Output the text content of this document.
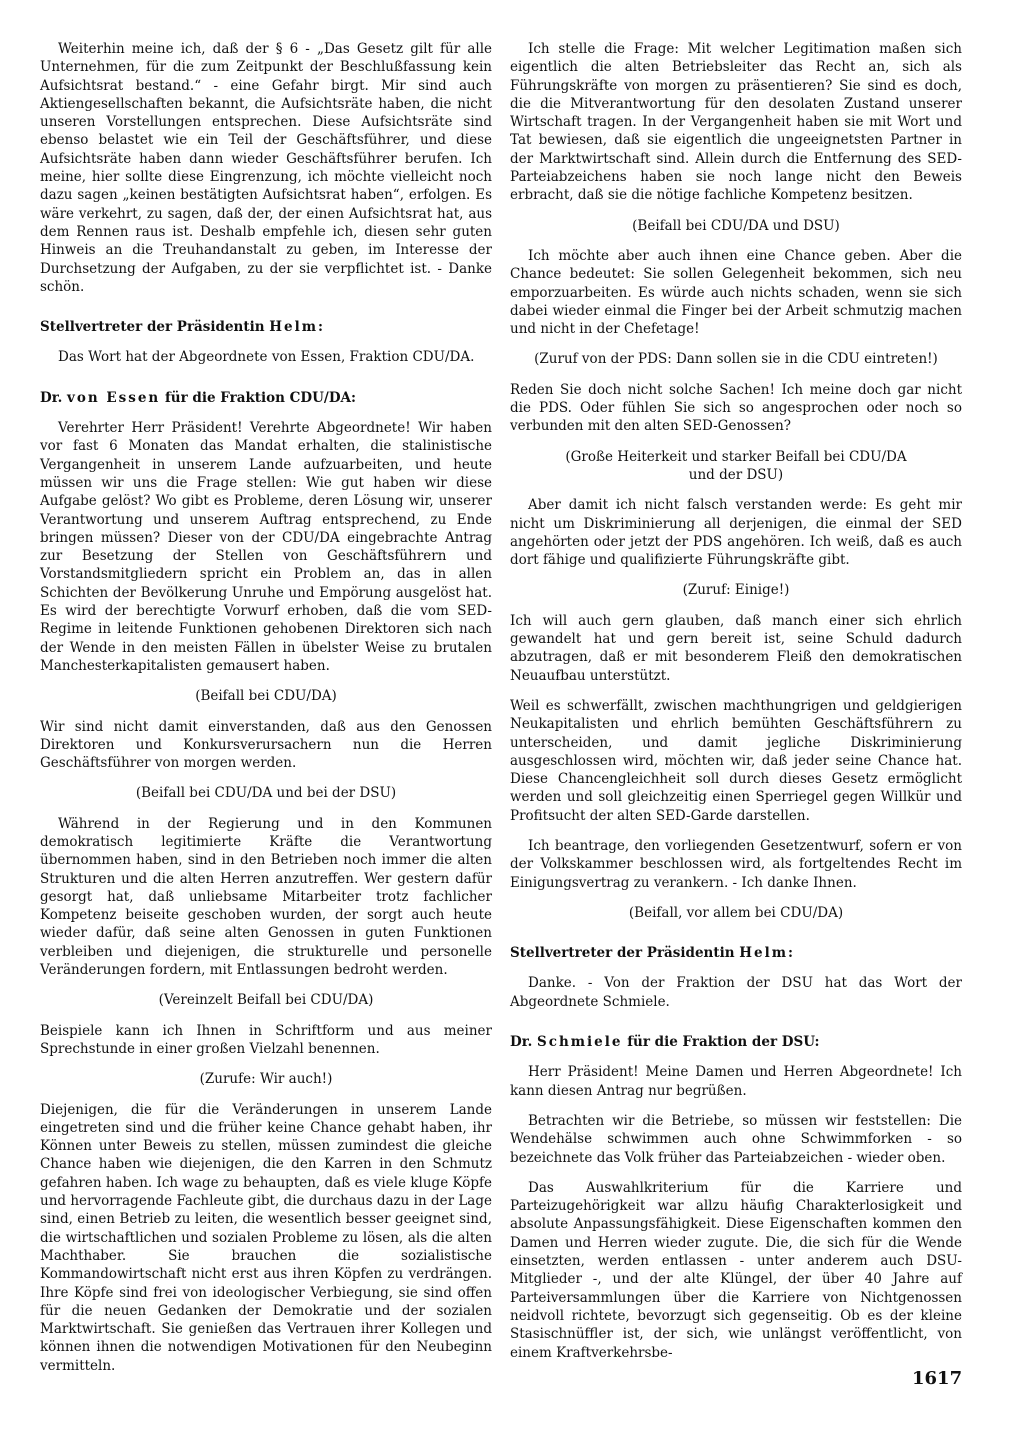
Weiterhin meine ich, daß der § 6 - „Das Gesetz gilt für alle Unternehmen, für die zum Zeitpunkt der Beschlußfassung kein Aufsichtsrat bestand.“ - eine Gefahr birgt. Mir sind auch Aktiengesellschaften bekannt, die Aufsichtsräte haben, die nicht unseren Vorstellungen entsprechen. Diese Aufsichtsräte sind ebenso belastet wie ein Teil der Geschäftsführer, und diese Aufsichtsräte haben dann wieder Geschäftsführer berufen. Ich meine, hier sollte diese Eingrenzung, ich möchte vielleicht noch dazu sagen „keinen bestätigten Aufsichtsrat haben“, erfolgen. Es wäre verkehrt, zu sagen, daß der, der einen Aufsichtsrat hat, aus dem Rennen raus ist. Deshalb empfehle ich, diesen sehr guten Hinweis an die Treuhandanstalt zu geben, im Interesse der Durchsetzung der Aufgaben, zu der sie verpflichtet ist. - Danke schön.

Stellvertreter der Präsidentin Helm:

Das Wort hat der Abgeordnete von Essen, Fraktion CDU/DA.

Dr. von Essen für die Fraktion CDU/DA:

Verehrter Herr Präsident! Verehrte Abgeordnete! Wir haben vor fast 6 Monaten das Mandat erhalten, die stalinistische Vergangenheit in unserem Lande aufzuarbeiten, und heute müssen wir uns die Frage stellen: Wie gut haben wir diese Aufgabe gelöst? Wo gibt es Probleme, deren Lösung wir, unserer Verantwortung und unserem Auftrag entsprechend, zu Ende bringen müssen? Dieser von der CDU/DA eingebrachte Antrag zur Besetzung der Stellen von Geschäftsführern und Vorstandsmitgliedern spricht ein Problem an, das in allen Schichten der Bevölkerung Unruhe und Empörung ausgelöst hat. Es wird der berechtigte Vorwurf erhoben, daß die vom SED-Regime in leitende Funktionen gehobenen Direktoren sich nach der Wende in den meisten Fällen in übelster Weise zu brutalen Manchesterkapitalisten gemausert haben.

(Beifall bei CDU/DA)

Wir sind nicht damit einverstanden, daß aus den Genossen Direktoren und Konkursverursachern nun die Herren Geschäftsführer von morgen werden.

(Beifall bei CDU/DA und bei der DSU)

Während in der Regierung und in den Kommunen demokratisch legitimierte Kräfte die Verantwortung übernommen haben, sind in den Betrieben noch immer die alten Strukturen und die alten Herren anzutreffen. Wer gestern dafür gesorgt hat, daß unliebsame Mitarbeiter trotz fachlicher Kompetenz beiseite geschoben wurden, der sorgt auch heute wieder dafür, daß seine alten Genossen in guten Funktionen verbleiben und diejenigen, die strukturelle und personelle Veränderungen fordern, mit Entlassungen bedroht werden.

(Vereinzelt Beifall bei CDU/DA)

Beispiele kann ich Ihnen in Schriftform und aus meiner Sprechstunde in einer großen Vielzahl benennen.

(Zurufe: Wir auch!)

Diejenigen, die für die Veränderungen in unserem Lande eingetreten sind und die früher keine Chance gehabt haben, ihr Können unter Beweis zu stellen, müssen zumindest die gleiche Chance haben wie diejenigen, die den Karren in den Schmutz gefahren haben. Ich wage zu behaupten, daß es viele kluge Köpfe und hervorragende Fachleute gibt, die durchaus dazu in der Lage sind, einen Betrieb zu leiten, die wesentlich besser geeignet sind, die wirtschaftlichen und sozialen Probleme zu lösen, als die alten Machthaber. Sie brauchen die sozialistische Kommandowirtschaft nicht erst aus ihren Köpfen zu verdrängen. Ihre Köpfe sind frei von ideologischer Verbiegung, sie sind offen für die neuen Gedanken der Demokratie und der sozialen Marktwirtschaft. Sie genießen das Vertrauen ihrer Kollegen und können ihnen die notwendigen Motivationen für den Neubeginn vermitteln.

Ich stelle die Frage: Mit welcher Legitimation maßen sich eigentlich die alten Betriebsleiter das Recht an, sich als Führungskräfte von morgen zu präsentieren? Sie sind es doch, die die Mitverantwortung für den desolaten Zustand unserer Wirtschaft tragen. In der Vergangenheit haben sie mit Wort und Tat bewiesen, daß sie eigentlich die ungeeignetsten Partner in der Marktwirtschaft sind. Allein durch die Entfernung des SED-Parteiabzeichens haben sie noch lange nicht den Beweis erbracht, daß sie die nötige fachliche Kompetenz besitzen.

(Beifall bei CDU/DA und DSU)

Ich möchte aber auch ihnen eine Chance geben. Aber die Chance bedeutet: Sie sollen Gelegenheit bekommen, sich neu emporzuarbeiten. Es würde auch nichts schaden, wenn sie sich dabei wieder einmal die Finger bei der Arbeit schmutzig machen und nicht in der Chefetage!

(Zuruf von der PDS: Dann sollen sie in die CDU eintreten!)

Reden Sie doch nicht solche Sachen! Ich meine doch gar nicht die PDS. Oder fühlen Sie sich so angesprochen oder noch so verbunden mit den alten SED-Genossen?

(Große Heiterkeit und starker Beifall bei CDU/DA
und der DSU)

Aber damit ich nicht falsch verstanden werde: Es geht mir nicht um Diskriminierung all derjenigen, die einmal der SED angehörten oder jetzt der PDS angehören. Ich weiß, daß es auch dort fähige und qualifizierte Führungskräfte gibt.

(Zuruf: Einige!)

Ich will auch gern glauben, daß manch einer sich ehrlich gewandelt hat und gern bereit ist, seine Schuld dadurch abzutragen, daß er mit besonderem Fleiß den demokratischen Neuaufbau unterstützt.

Weil es schwerfällt, zwischen machthungrigen und geldgierigen Neukapitalisten und ehrlich bemühten Geschäftsführern zu unterscheiden, und damit jegliche Diskriminierung ausgeschlossen wird, möchten wir, daß jeder seine Chance hat. Diese Chancengleichheit soll durch dieses Gesetz ermöglicht werden und soll gleichzeitig einen Sperriegel gegen Willkür und Profitsucht der alten SED-Garde darstellen.

Ich beantrage, den vorliegenden Gesetzentwurf, sofern er von der Volkskammer beschlossen wird, als fortgeltendes Recht im Einigungsvertrag zu verankern. - Ich danke Ihnen.

(Beifall, vor allem bei CDU/DA)
Stellvertreter der Präsidentin Helm:

Danke. - Von der Fraktion der DSU hat das Wort der Abgeordnete Schmiele.

Dr. Schmiele für die Fraktion der DSU:

Herr Präsident! Meine Damen und Herren Abgeordnete! Ich kann diesen Antrag nur begrüßen.

Betrachten wir die Betriebe, so müssen wir feststellen: Die Wendehälse schwimmen auch ohne Schwimmforken - so bezeichnete das Volk früher das Parteiabzeichen - wieder oben.

Das Auswahlkriterium für die Karriere und Parteizugehörigkeit war allzu häufig Charakterlosigkeit und absolute Anpassungsfähigkeit. Diese Eigenschaften kommen den Damen und Herren wieder zugute. Die, die sich für die Wende einsetzten, werden entlassen - unter anderem auch DSU-Mitglieder -, und der alte Klüngel, der über 40 Jahre auf Parteiversammlungen über die Karriere von Nichtgenossen neidvoll richtete, bevorzugt sich gegenseitig. Ob es der kleine Stasischnüffler ist, der sich, wie unlängst veröffentlicht, von einem Kraftverkehrsbe-

1617
